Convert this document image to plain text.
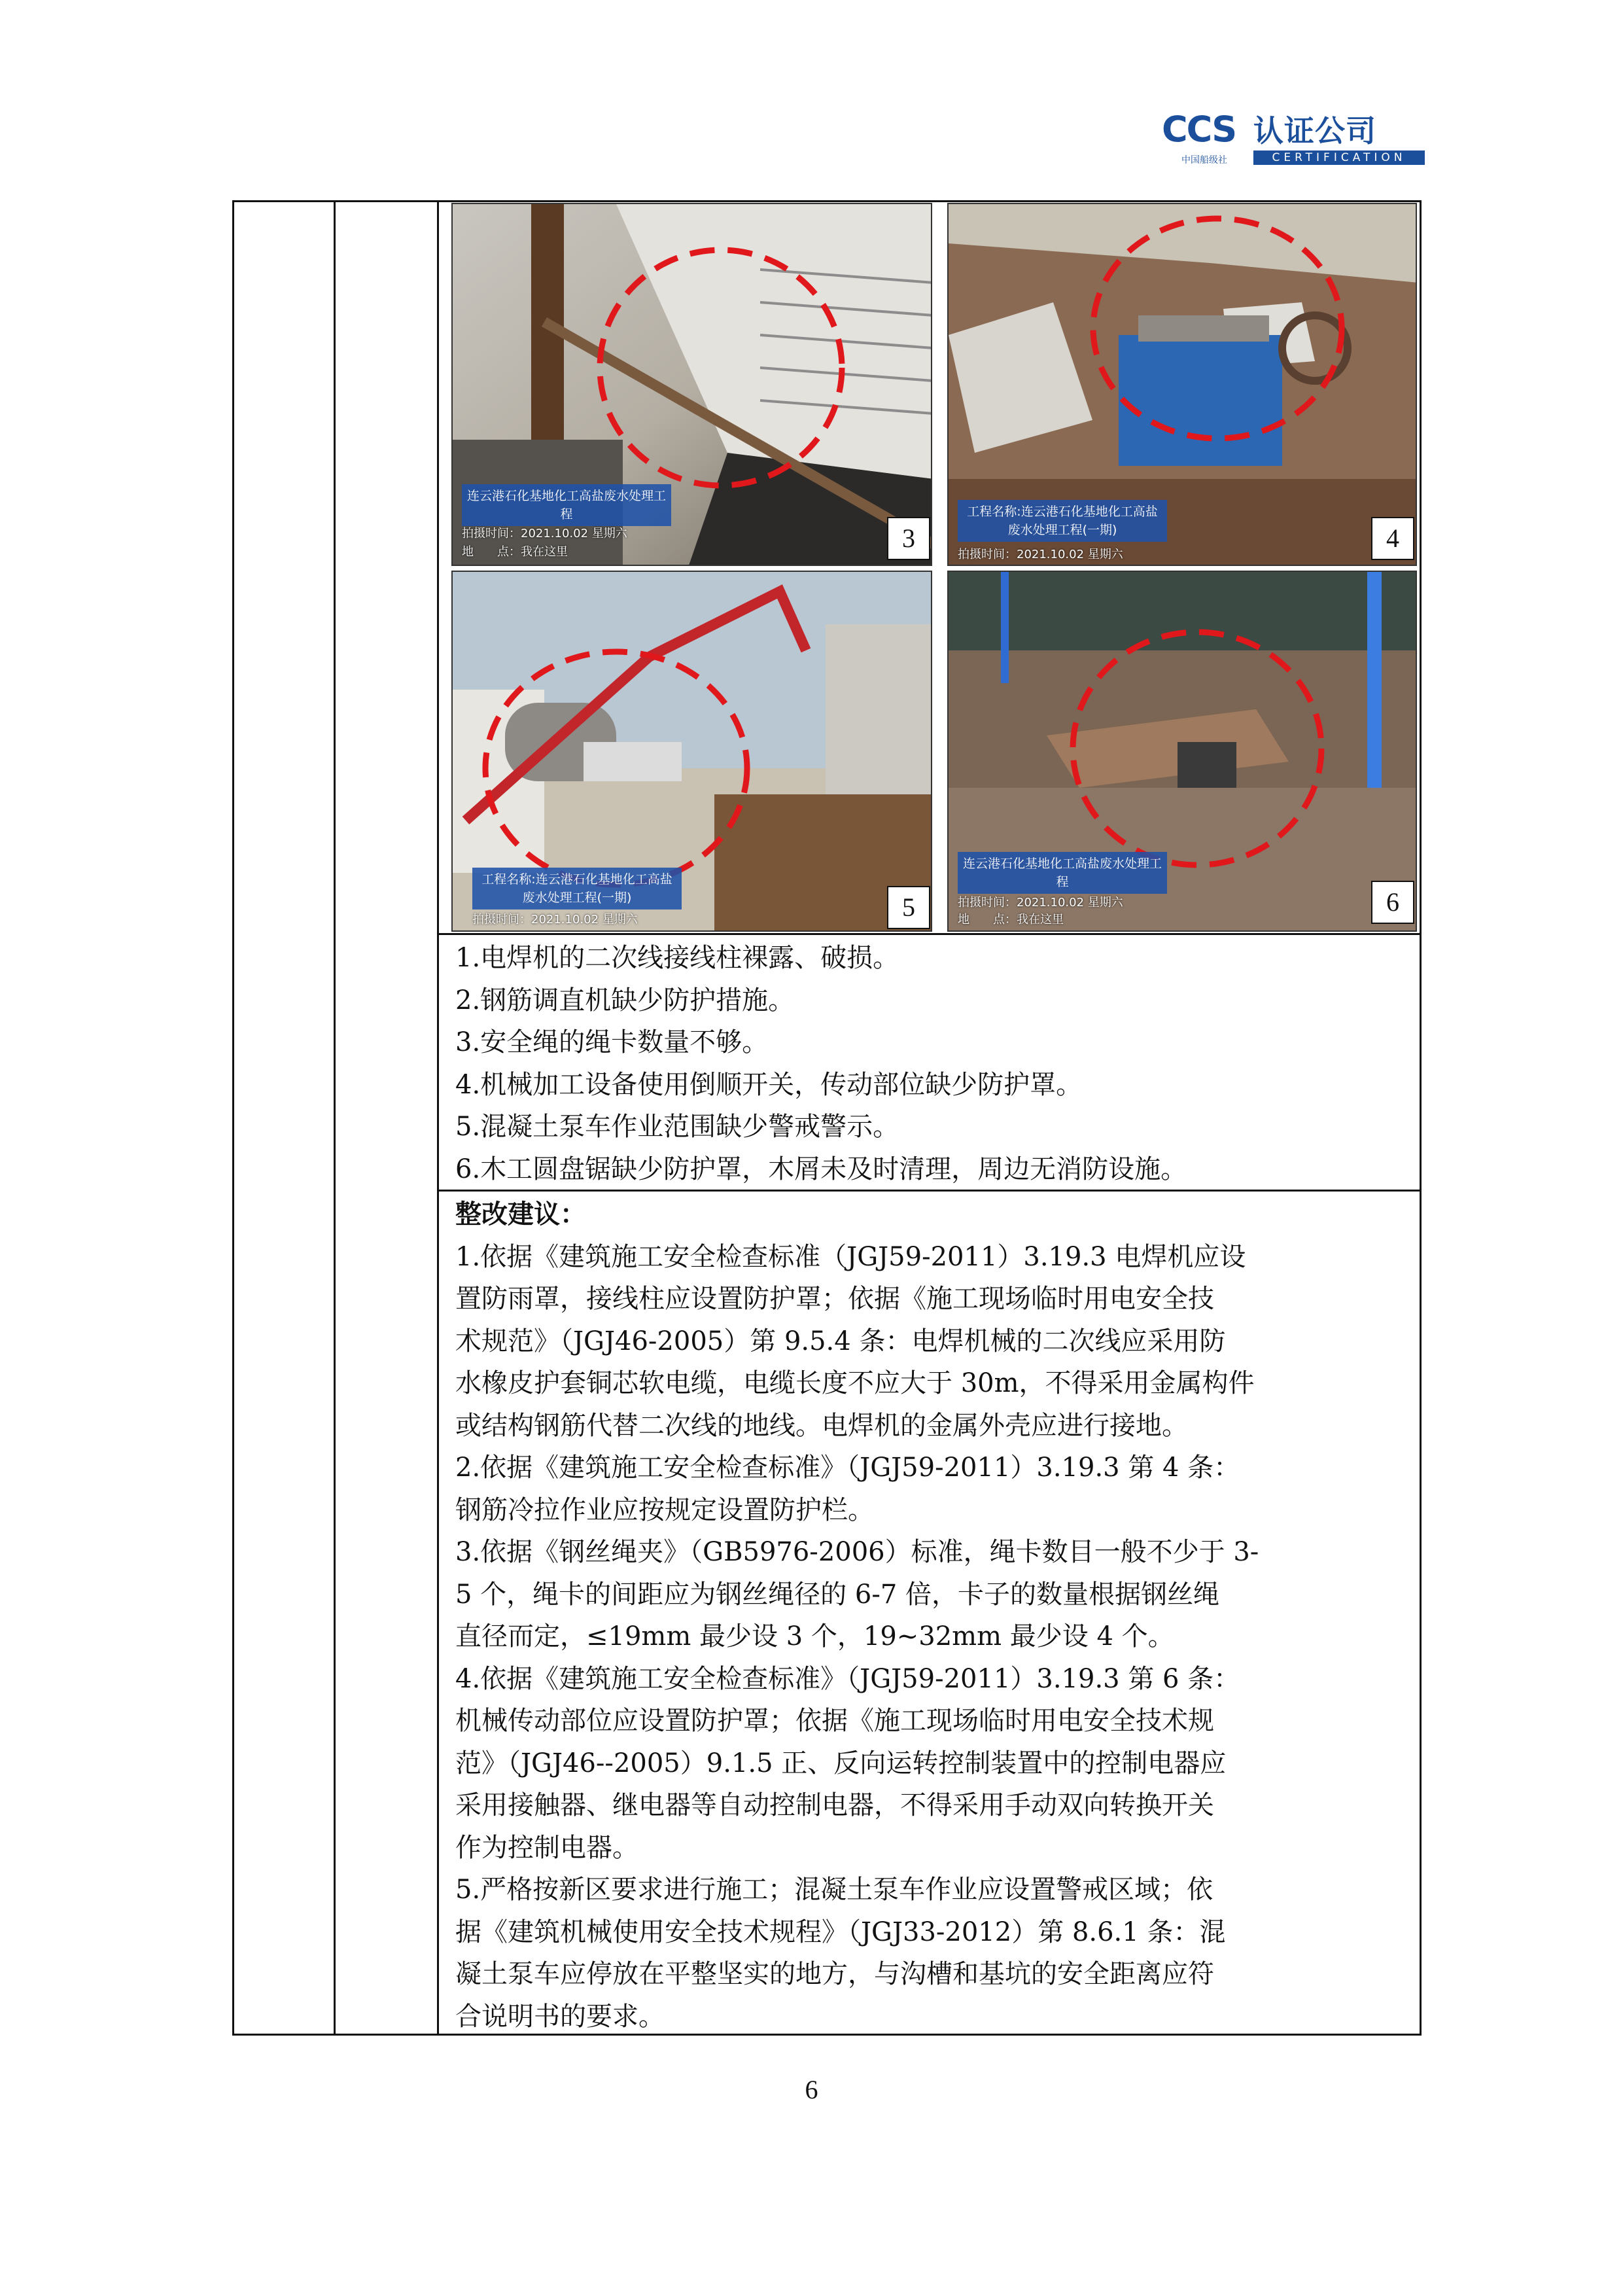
CCS 认证公司
中国船级社	CERTIFICATION
连云港石化基地化工高盐废水处理工程
拍摄时间：2021.10.02 星期六
地　　点：我在这里	3
工程名称:连云港石化基地化工高盐废水处理工程(一期)
拍摄时间：2021.10.02 星期六
4
工程名称:连云港石化基地化工高盐废水处理工程(一期)
拍摄时间：2021.10.02 星期六	5
连云港石化基地化工高盐废水处理工程
拍摄时间：2021.10.02 星期六
地　　点：我在这里
6

1.电焊机的二次线接线柱裸露、破损。

2.钢筋调直机缺少防护措施。

3.安全绳的绳卡数量不够。

4.机械加工设备使用倒顺开关，传动部位缺少防护罩。

5.混凝土泵车作业范围缺少警戒警示。

6.木工圆盘锯缺少防护罩，木屑未及时清理，周边无消防设施。

整改建议：

1.依据《建筑施工安全检查标准（JGJ59-2011）3.19.3 电焊机应设

置防雨罩，接线柱应设置防护罩；依据《施工现场临时用电安全技

术规范》（JGJ46-2005）第 9.5.4 条：电焊机械的二次线应采用防

水橡皮护套铜芯软电缆，电缆长度不应大于 30m，不得采用金属构件

或结构钢筋代替二次线的地线。电焊机的金属外壳应进行接地。

2.依据《建筑施工安全检查标准》（JGJ59-2011）3.19.3 第 4 条：

钢筋冷拉作业应按规定设置防护栏。

3.依据《钢丝绳夹》（GB5976-2006）标准，绳卡数目一般不少于 3-

5 个，绳卡的间距应为钢丝绳径的 6-7 倍，卡子的数量根据钢丝绳

直径而定，≤19mm 最少设 3 个，19~32mm 最少设 4 个。

4.依据《建筑施工安全检查标准》（JGJ59-2011）3.19.3 第 6 条：

机械传动部位应设置防护罩；依据《施工现场临时用电安全技术规

范》（JGJ46--2005）9.1.5 正、反向运转控制装置中的控制电器应

采用接触器、继电器等自动控制电器，不得采用手动双向转换开关

作为控制电器。

5.严格按新区要求进行施工；混凝土泵车作业应设置警戒区域；依

据《建筑机械使用安全技术规程》（JGJ33-2012）第 8.6.1 条：混

凝土泵车应停放在平整坚实的地方，与沟槽和基坑的安全距离应符

合说明书的要求。

6
